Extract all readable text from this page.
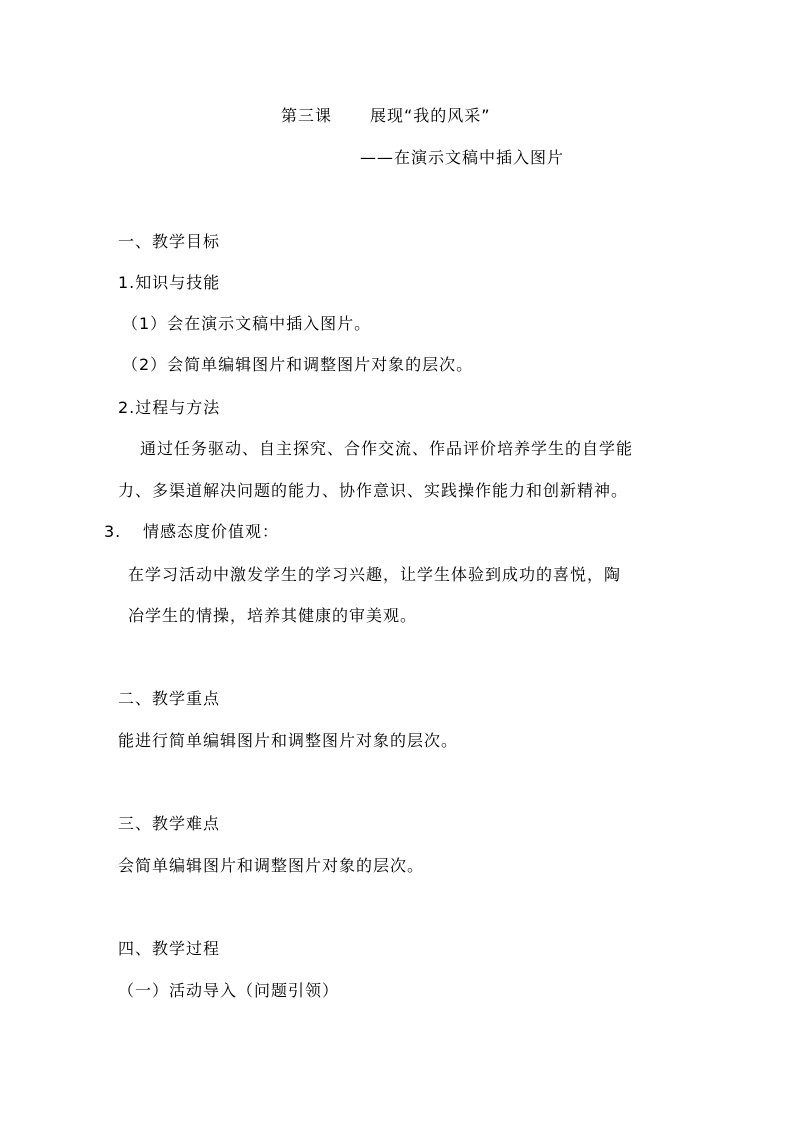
第三课 展现“我的风采”
——在演示文稿中插入图片
一、教学目标
1.知识与技能
（1）会在演示文稿中插入图片。
（2）会简单编辑图片和调整图片对象的层次。
2.过程与方法
通过任务驱动、自主探究、合作交流、作品评价培养学生的自学能
力、多渠道解决问题的能力、协作意识、实践操作能力和创新精神。
3. 情感态度价值观：
在学习活动中激发学生的学习兴趣，让学生体验到成功的喜悦，陶
冶学生的情操，培养其健康的审美观。
二、教学重点
能进行简单编辑图片和调整图片对象的层次。
三、教学难点
会简单编辑图片和调整图片对象的层次。
四、教学过程
（一）活动导入（问题引领）
